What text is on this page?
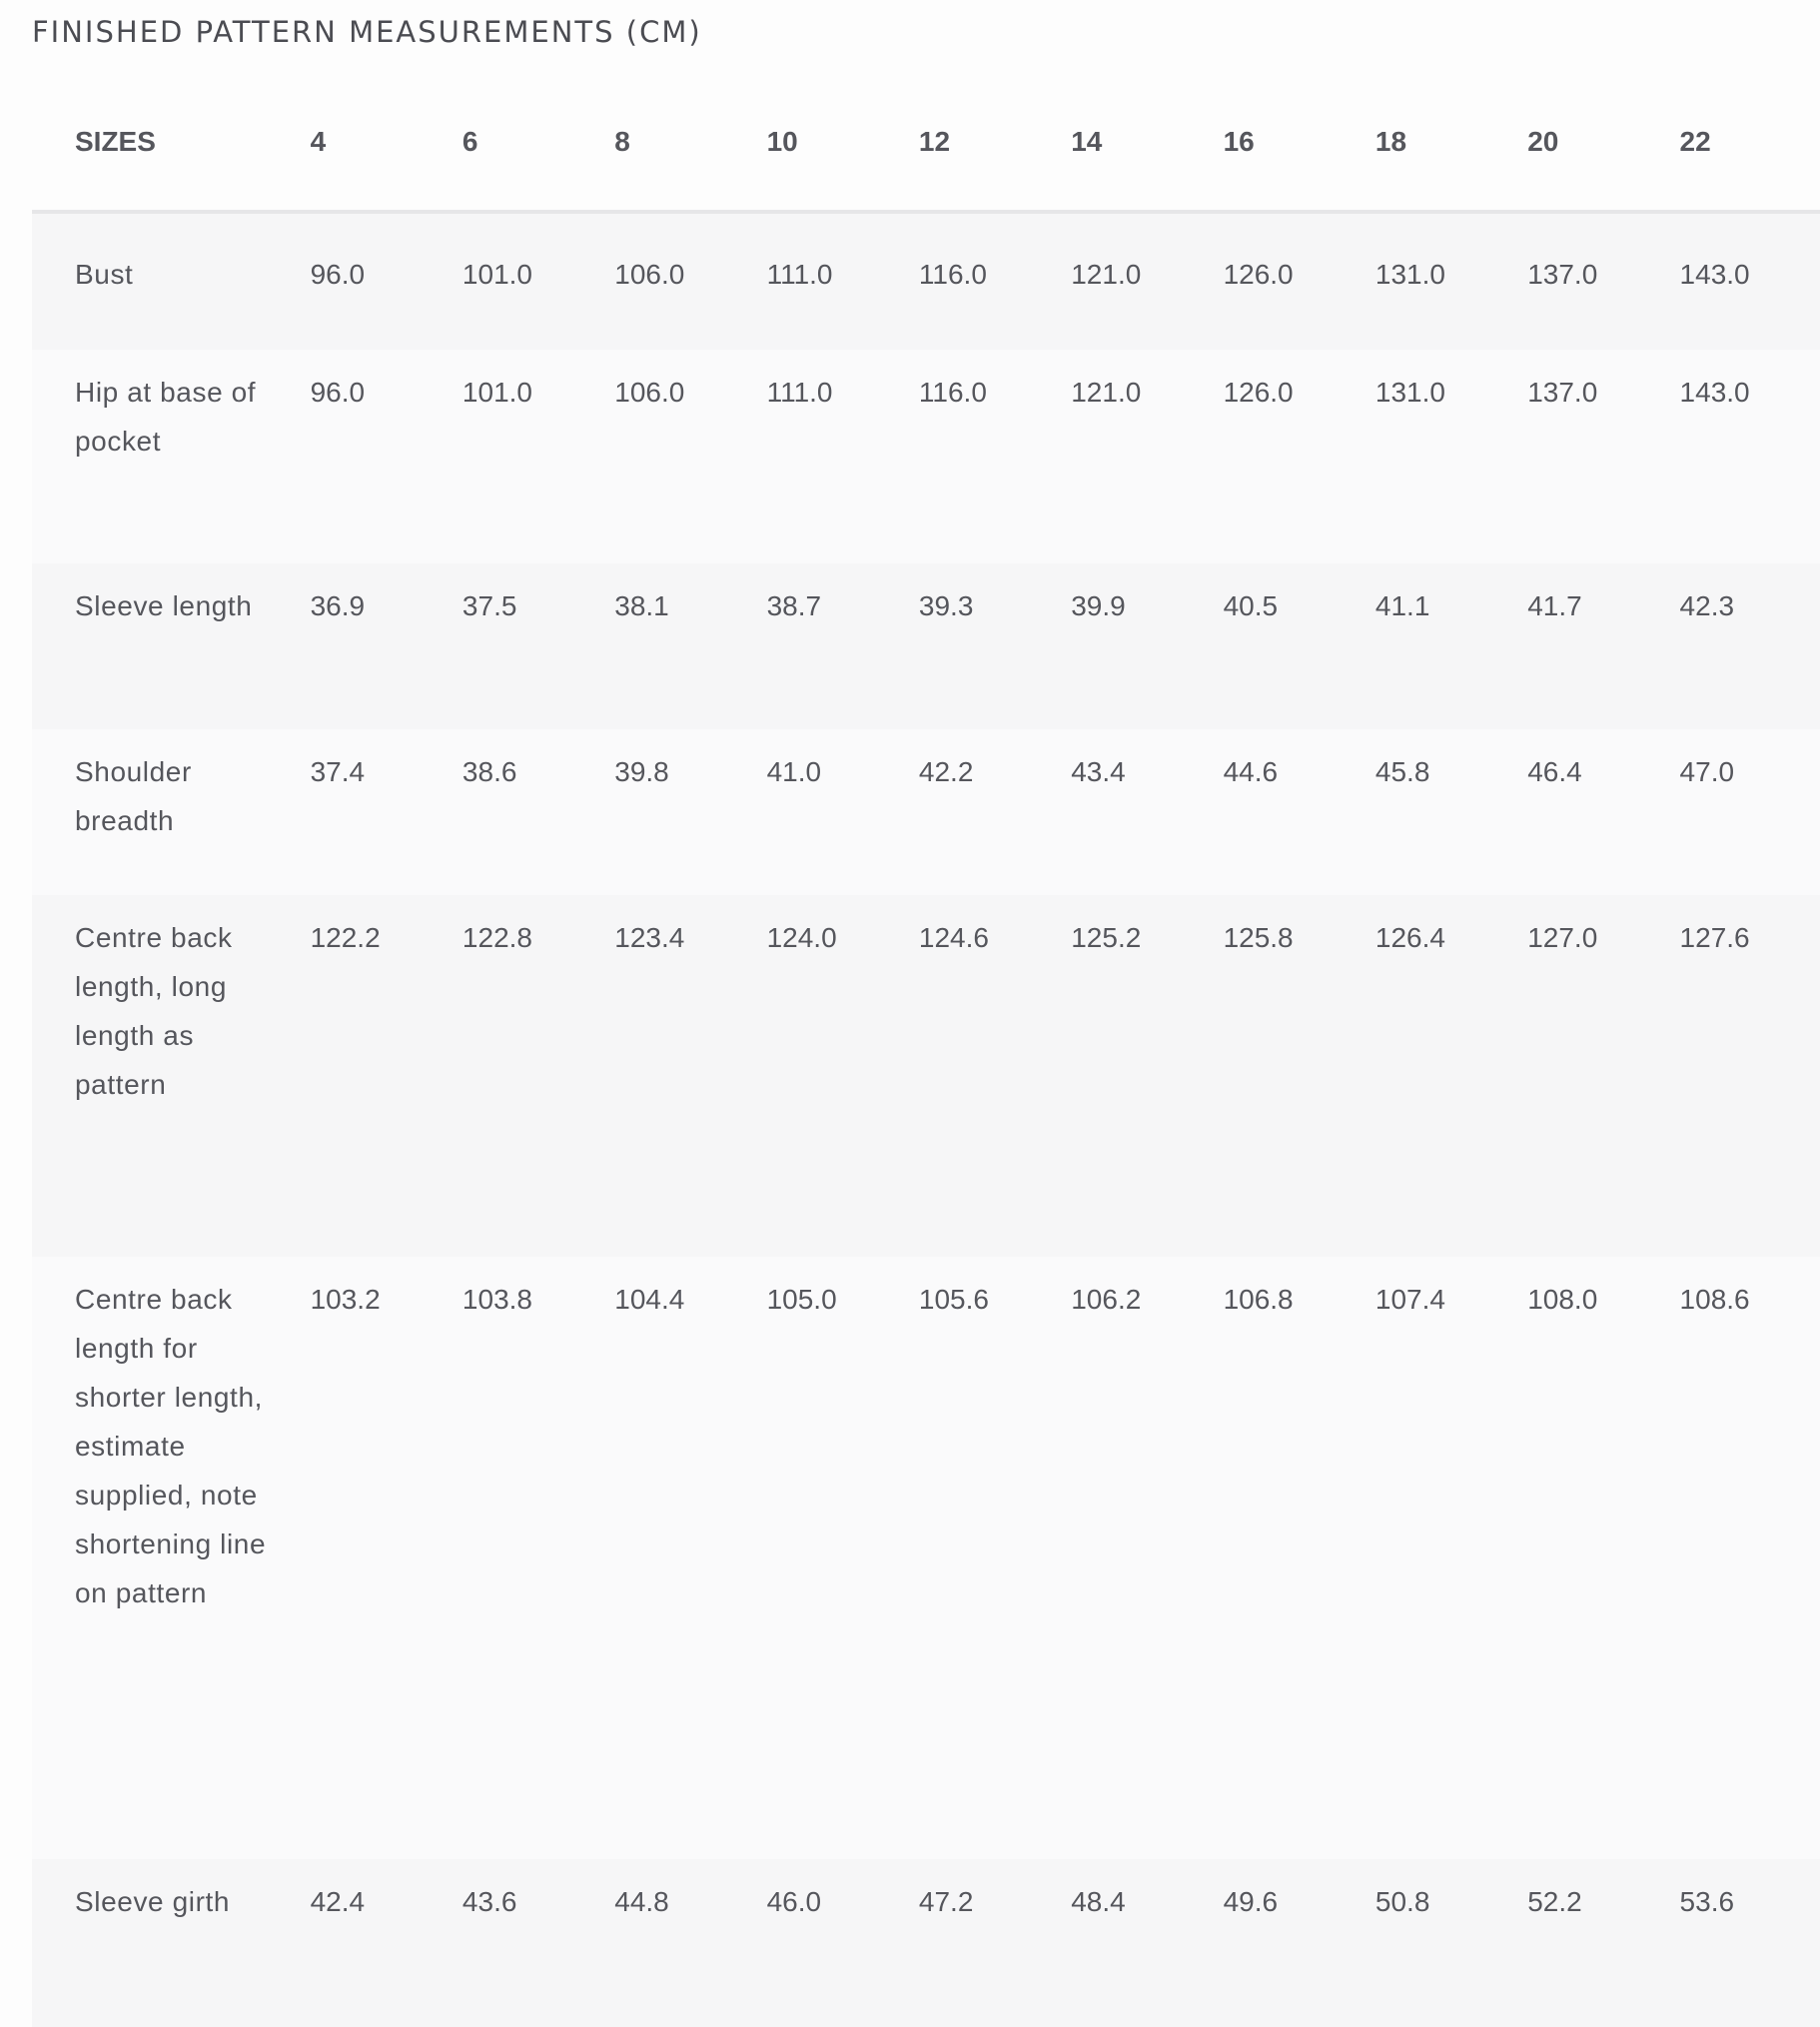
FINISHED PATTERN MEASUREMENTS (CM)
SIZES	4	6	8	10	12	14	16	18	20	22
Bust	96.0	101.0	106.0	111.0	116.0	121.0	126.0	131.0	137.0	143.0
Hip at base of pocket	96.0	101.0	106.0	111.0	116.0	121.0	126.0	131.0	137.0	143.0
Sleeve length	36.9	37.5	38.1	38.7	39.3	39.9	40.5	41.1	41.7	42.3
Shoulder breadth	37.4	38.6	39.8	41.0	42.2	43.4	44.6	45.8	46.4	47.0
Centre back length, long length as pattern	122.2	122.8	123.4	124.0	124.6	125.2	125.8	126.4	127.0	127.6
Centre back length for shorter length, estimate supplied, note shortening line on pattern	103.2	103.8	104.4	105.0	105.6	106.2	106.8	107.4	108.0	108.6
Sleeve girth	42.4	43.6	44.8	46.0	47.2	48.4	49.6	50.8	52.2	53.6
